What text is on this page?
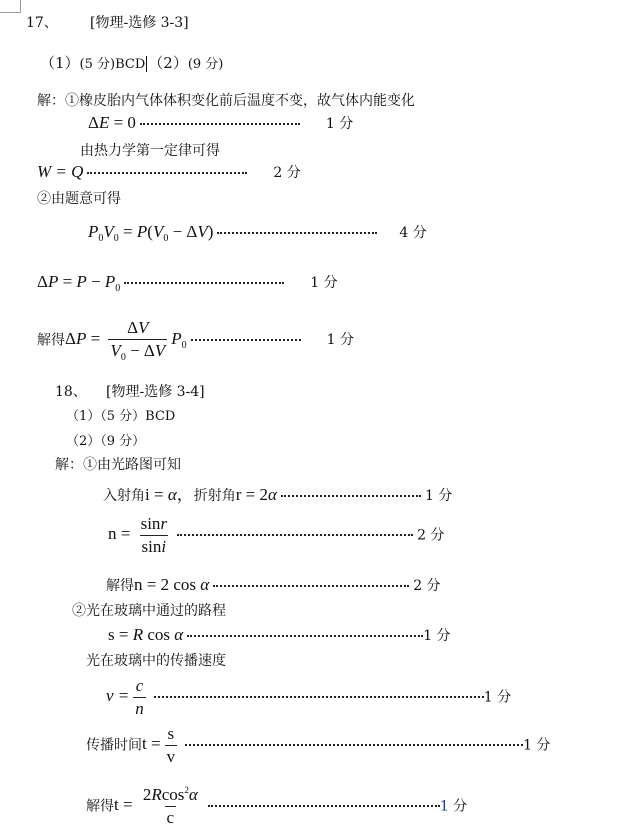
17、 [物理-选修 3-3]
（1）(5 分)BCD （2）(9 分)
解：①橡皮胎内气体体积变化前后温度不变，故气体内能变化
ΔE = 0	1 分
由热力学第一定律可得
W = Q	2 分
②由题意可得
$P_0V_0 = P(V_0 - \Delta V)$	4 分
$\Delta P = P - P_0$	1 分
解得$\Delta P = \frac{\Delta V}{V_0 - \Delta V} P_0$	1 分
18、 [物理-选修 3-4]
（1）（5 分）BCD
（2）（9 分）
解：①由光路图可知
入射角i = α，折射角r = 2α	1 分
$n = \frac{\sin r}{\sin i}$	2 分
解得n = 2 cos α	2 分
②光在玻璃中通过的路程
s = R cos α	1 分
光在玻璃中的传播速度
$v = \frac{c}{n}$	1 分
传播时间$t = \frac{s}{v}$	1 分
解得$t = \frac{2Rcos^2\alpha}{c}$	1 分
